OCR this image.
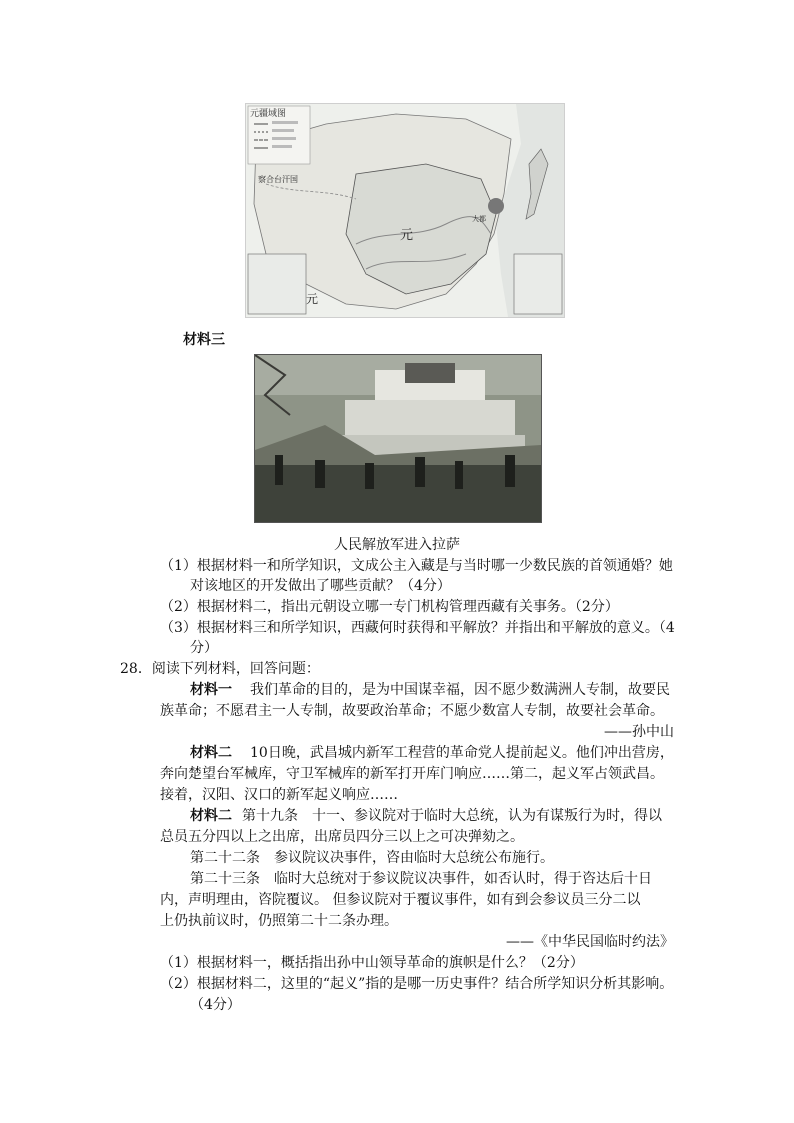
元疆域图
元
元
大都
察合台汗国
材料三
人民解放军进入拉萨
（1）根据材料一和所学知识，文成公主入藏是与当时哪一少数民族的首领通婚？她
对该地区的开发做出了哪些贡献？（4分）
（2）根据材料二，指出元朝设立哪一专门机构管理西藏有关事务。（2分）
（3）根据材料三和所学知识，西藏何时获得和平解放？并指出和平解放的意义。（4
分）
28．阅读下列材料，回答问题：
材料一 我们革命的目的，是为中国谋幸福，因不愿少数满洲人专制，故要民
族革命；不愿君主一人专制，故要政治革命；不愿少数富人专制，故要社会革命。
——孙中山
材料二 10日晚，武昌城内新军工程营的革命党人提前起义。他们冲出营房，
奔向楚望台军械库，守卫军械库的新军打开库门响应……第二，起义军占领武昌。
接着，汉阳、汉口的新军起义响应……
材料二 第十九条　十一、参议院对于临时大总统，认为有谋叛行为时，得以
总员五分四以上之出席，出席员四分三以上之可决弹劾之。
第二十二条　参议院议决事件，咨由临时大总统公布施行。
第二十三条　临时大总统对于参议院议决事件，如否认时，得于咨达后十日
内，声明理由，咨院覆议。 但参议院对于覆议事件，如有到会参议员三分二以
上仍执前议时，仍照第二十二条办理。
——《中华民国临时约法》
（1）根据材料一，概括指出孙中山领导革命的旗帜是什么？（2分）
（2）根据材料二，这里的“起义”指的是哪一历史事件？结合所学知识分析其影响。
（4分）
